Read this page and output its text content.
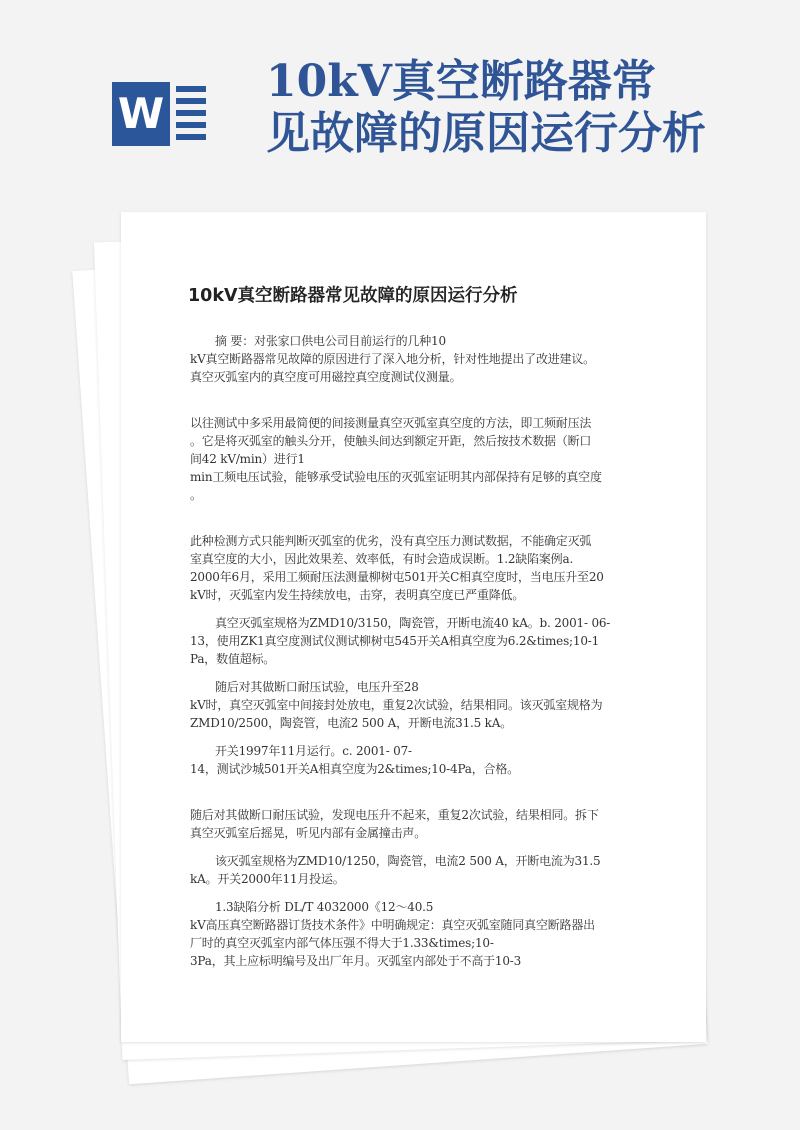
W
10kV真空断路器常
见故障的原因运行分析
10kV真空断路器常见故障的原因运行分析
摘 要：对张家口供电公司目前运行的几种10
kV真空断路器常见故障的原因进行了深入地分析，针对性地提出了改进建议。
真空灭弧室内的真空度可用磁控真空度测试仪测量。
以往测试中多采用最简便的间接测量真空灭弧室真空度的方法，即工频耐压法
。它是将灭弧室的触头分开，使触头间达到额定开距，然后按技术数据（断口
间42 kV/min）进行1
min工频电压试验，能够承受试验电压的灭弧室证明其内部保持有足够的真空度
。
此种检测方式只能判断灭弧室的优劣，没有真空压力测试数据，不能确定灭弧
室真空度的大小，因此效果差、效率低，有时会造成误断。1.2缺陷案例a.
2000年6月，采用工频耐压法测量柳树屯501开关C相真空度时，当电压升至20
kV时，灭弧室内发生持续放电，击穿，表明真空度已严重降低。
真空灭弧室规格为ZMD10/3150，陶瓷管，开断电流40 kA。b. 2001- 06-
13，使用ZK1真空度测试仪测试柳树屯545开关A相真空度为6.2&times;10-1
Pa，数值超标。
随后对其做断口耐压试验，电压升至28
kV时，真空灭弧室中间接封处放电，重复2次试验，结果相同。该灭弧室规格为
ZMD10/2500，陶瓷管，电流2 500 A，开断电流31.5 kA。
开关1997年11月运行。c. 2001- 07-
14，测试沙城501开关A相真空度为2&times;10-4Pa，合格。
随后对其做断口耐压试验，发现电压升不起来，重复2次试验，结果相同。拆下
真空灭弧室后摇晃，听见内部有金属撞击声。
该灭弧室规格为ZMD10/1250，陶瓷管，电流2 500 A，开断电流为31.5
kA。开关2000年11月投运。
1.3缺陷分析 DL/T 4032000《12～40.5
kV高压真空断路器订货技术条件》中明确规定：真空灭弧室随同真空断路器出
厂时的真空灭弧室内部气体压强不得大于1.33&times;10-
3Pa，其上应标明编号及出厂年月。灭弧室内部处于不高于10-3
